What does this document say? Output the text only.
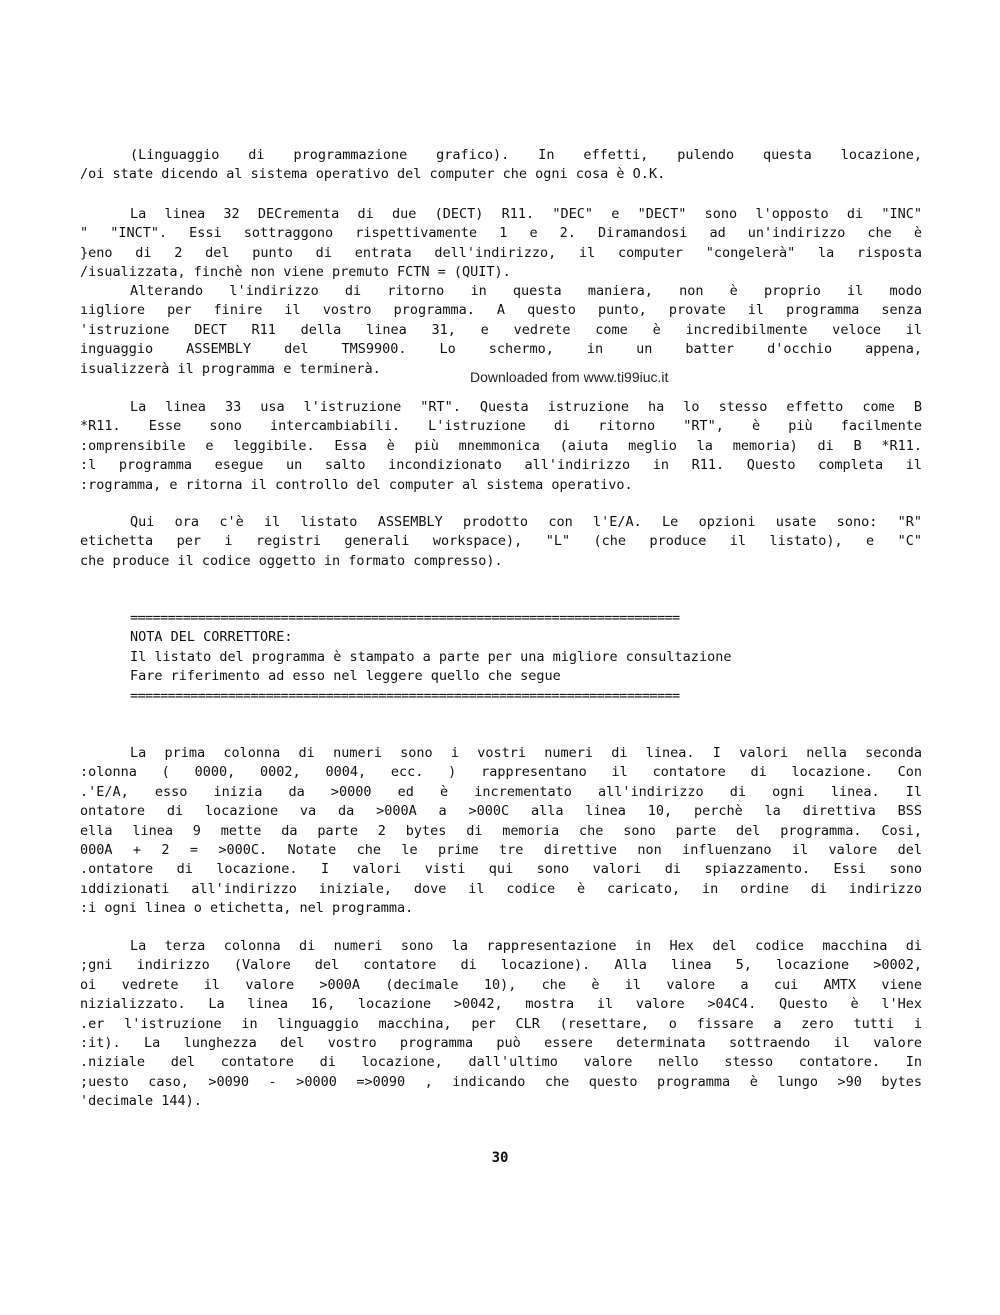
(Linguaggio di programmazione grafico). In effetti, pulendo questa locazione,
/oi state dicendo al sistema operativo del computer che ogni cosa è O.K.
La linea 32 DECrementa di due (DECT) R11. "DEC" e "DECT" sono l'opposto di "INC"
" "INCT". Essi sottraggono rispettivamente 1 e 2. Diramandosi ad un'indirizzo che è
}eno di 2 del punto di entrata dell'indirizzo, il computer "congelerà" la risposta
/isualizzata, finchè non viene premuto FCTN = (QUIT).
Alterando l'indirizzo di ritorno in questa maniera, non è proprio il modo
ıigliore per finire il vostro programma. A questo punto, provate il programma senza
'istruzione DECT R11 della linea 31, e vedrete come è incredibilmente veloce il
inguaggio ASSEMBLY del TMS9900. Lo schermo, in un batter d'occhio appena,
isualizzerà il programma e terminerà.
Downloaded from www.ti99iuc.it
La linea 33 usa l'istruzione "RT". Questa istruzione ha lo stesso effetto come B
*R11. Esse sono intercambiabili. L'istruzione di ritorno "RT", è più facilmente
:omprensibile e leggibile. Essa è più mnemmonica (aiuta meglio la memoria) di B *R11.
:l programma esegue un salto incondizionato all'indirizzo in R11. Questo completa il
:rogramma, e ritorna il controllo del computer al sistema operativo.
Qui ora c'è il listato ASSEMBLY prodotto con l'E/A. Le opzioni usate sono: "R"
etichetta per i registri generali workspace), "L" (che produce il listato), e "C"
che produce il codice oggetto in formato compresso).
=========================================================================
NOTA DEL CORRETTORE:
Il listato del programma è stampato a parte per una migliore consultazione
Fare riferimento ad esso nel leggere quello che segue
=========================================================================
La prima colonna di numeri sono i vostri numeri di linea. I valori nella seconda
:olonna ( 0000, 0002, 0004, ecc. ) rappresentano il contatore di locazione. Con
.'E/A, esso inizia da >0000 ed è incrementato all'indirizzo di ogni linea. Il
ontatore di locazione va da >000A a >000C alla linea 10, perchè la direttiva BSS
ella linea 9 mette da parte 2 bytes di memoria che sono parte del programma. Cosi,
000A + 2 = >000C. Notate che le prime tre direttive non influenzano il valore del
.ontatore di locazione. I valori visti qui sono valori di spiazzamento. Essi sono
ıddizionati all'indirizzo iniziale, dove il codice è caricato, in ordine di indirizzo
:i ogni linea o etichetta, nel programma.
La terza colonna di numeri sono la rappresentazione in Hex del codice macchina di
;gni indirizzo (Valore del contatore di locazione). Alla linea 5, locazione >0002,
oi vedrete il valore >000A (decimale 10), che è il valore a cui AMTX viene
nizializzato. La linea 16, locazione >0042, mostra il valore >04C4. Questo è l'Hex
.er l'istruzione in linguaggio macchina, per CLR (resettare, o fissare a zero tutti i
:it). La lunghezza del vostro programma può essere determinata sottraendo il valore
.niziale del contatore di locazione, dall'ultimo valore nello stesso contatore. In
;uesto caso, >0090 - >0000 =>0090 , indicando che questo programma è lungo >90 bytes
'decimale 144).
30
